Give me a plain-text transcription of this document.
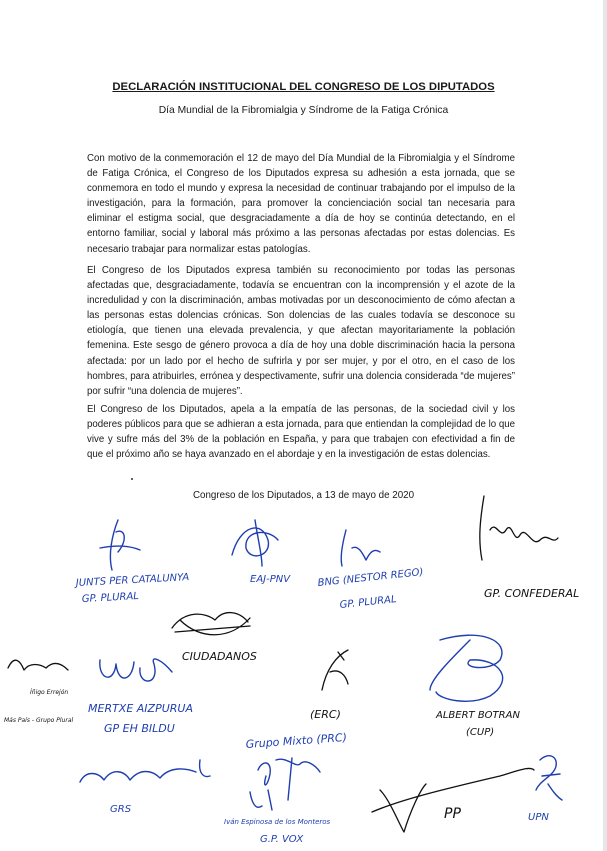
DECLARACIÓN INSTITUCIONAL DEL CONGRESO DE LOS DIPUTADOS
Día Mundial de la Fibromialgia y Síndrome de la Fatiga Crónica

Con motivo de la conmemoración el 12 de mayo del Día Mundial de la Fibromialgia y el Síndrome de Fatiga Crónica, el Congreso de los Diputados expresa su adhesión a esta jornada, que se conmemora en todo el mundo y expresa la necesidad de continuar trabajando por el impulso de la investigación, para la formación, para promover la concienciación social tan necesaria para eliminar el estigma social, que desgraciadamente a día de hoy se continúa detectando, en el entorno familiar, social y laboral más próximo a las personas afectadas por estas dolencias. Es necesario trabajar para normalizar estas patologías.

El Congreso de los Diputados expresa también su reconocimiento por todas las personas afectadas que, desgraciadamente, todavía se encuentran con la incomprensión y el azote de la incredulidad y con la discriminación, ambas motivadas por un desconocimiento de cómo afectan a las personas estas dolencias crónicas. Son dolencias de las cuales todavía se desconoce su etiología, que tienen una elevada prevalencia, y que afectan mayoritariamente la población femenina. Este sesgo de género provoca a día de hoy una doble discriminación hacia la persona afectada: por un lado por el hecho de sufrirla y por ser mujer, y por el otro, en el caso de los hombres, para atribuirles, errónea y despectivamente, sufrir una dolencia considerada “de mujeres” por sufrir “una dolencia de mujeres”.

El Congreso de los Diputados, apela a la empatía de las personas, de la sociedad civil y los poderes públicos para que se adhieran a esta jornada, para que entiendan la complejidad de lo que vive y sufre más del 3% de la población en España, y para que trabajen con efectividad a fin de que el próximo año se haya avanzado en el abordaje y en la investigación de estas dolencias.

Congreso de los Diputados, a 13 de mayo de 2020
JUNTS PER CATALUNYA
GP. PLURAL
EAJ-PNV	BNG (NESTOR REGO)
GP. PLURAL
GP. CONFEDERAL
CIUDADANOS
Íñigo Errejón
Más País - Grupo Plural
MERTXE AIZPURUA
GP EH BILDU
(ERC)	ALBERT BOTRAN
(CUP)
Grupo Mixto (PRC)
GRS
Iván Espinosa de los Monteros
G.P. VOX
PP	UPN
